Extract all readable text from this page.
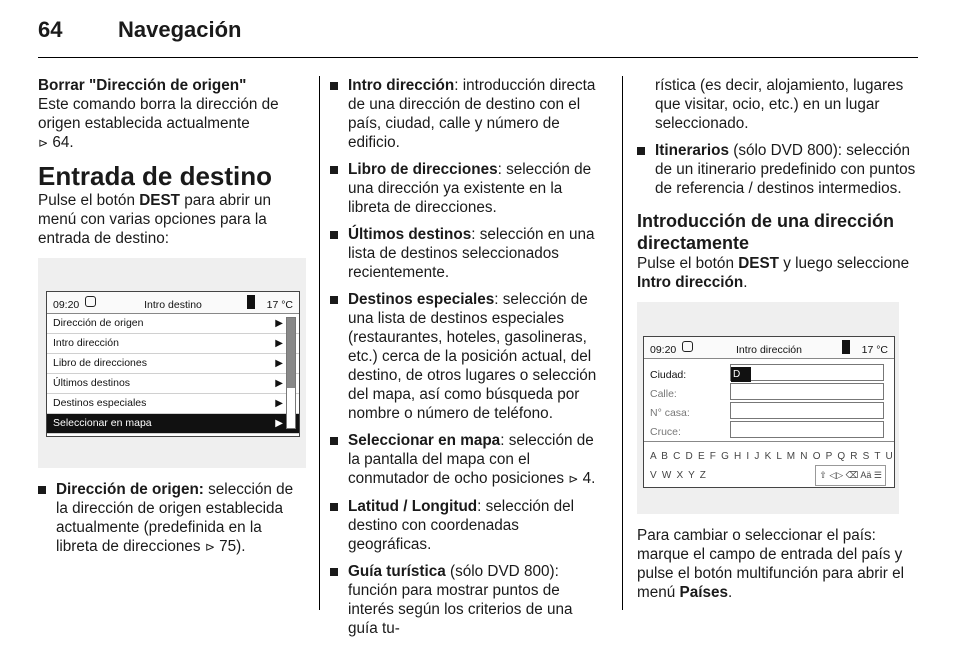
64	Navegación

Borrar "Dirección de origen"

Este comando borra la dirección de origen establecida actualmente
⊳ 64.

Entrada de destino

Pulse el botón DEST para abrir un menú con varias opciones para la entrada de destino:

09:20	Intro destino	17 °C
Dirección de origen	▶
Intro dirección	▶
Libro de direcciones	▶
Últimos destinos	▶
Destinos especiales	▶
Seleccionar en mapa	▶
Dirección de origen: selección de la dirección de origen establecida actualmente (predefinida en la libreta de direcciones ⊳ 75).
Intro dirección: introducción directa de una dirección de destino con el país, ciudad, calle y número de edificio.
Libro de direcciones: selección de una dirección ya existente en la libreta de direcciones.
Últimos destinos: selección en una lista de destinos seleccionados recientemente.
Destinos especiales: selección de una lista de destinos especiales (restaurantes, hoteles, gasolineras, etc.) cerca de la posición actual, del destino, de otros lugares o selección del mapa, así como búsqueda por nombre o número de teléfono.
Seleccionar en mapa: selección de la pantalla del mapa con el conmutador de ocho posiciones ⊳ 4.
Latitud / Longitud: selección del destino con coordenadas geográficas.
Guía turística (sólo DVD 800): función para mostrar puntos de interés según los criterios de una guía tu-

rística (es decir, alojamiento, lugares que visitar, ocio, etc.) en un lugar seleccionado.

Itinerarios (sólo DVD 800): selección de un itinerario predefinido con puntos de referencia / destinos intermedios.
Introducción de una dirección directamente

Pulse el botón DEST y luego seleccione Intro dirección.

09:20	Intro dirección	17 °C
Ciudad:	D
Calle:
N° casa:
Cruce:
A B C D E F G H I J K L M N O P Q R S T U V W X Y Z	⇧ ◁▷ ⌫ Aä ☰

Para cambiar o seleccionar el país: marque el campo de entrada del país y pulse el botón multifunción para abrir el menú Países.
